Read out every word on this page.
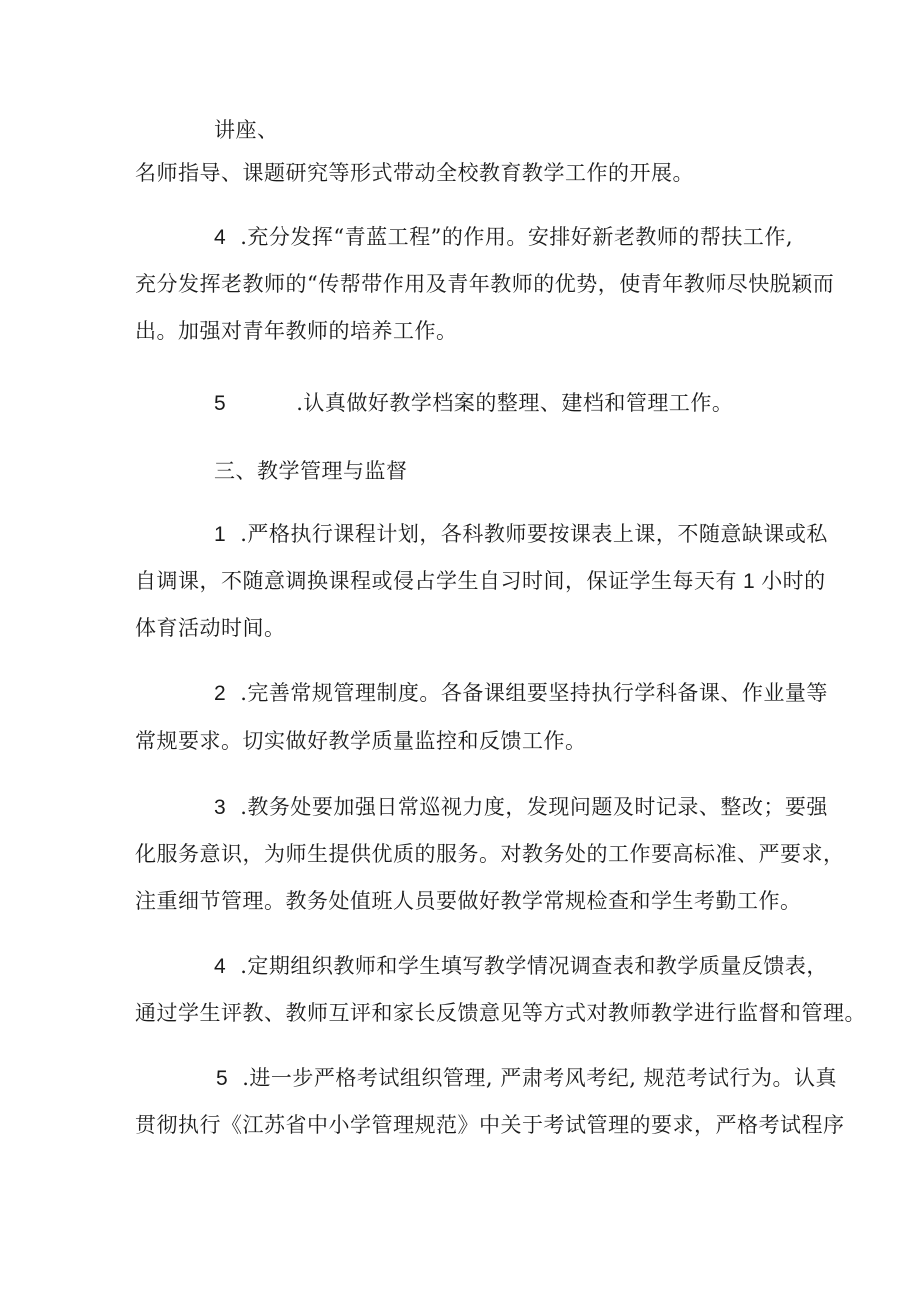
讲座、
名师指导、课题研究等形式带动全校教育教学工作的开展。
4 .充分发挥“青蓝工程”的作用。安排好新老教师的帮扶工作,
充分发挥老教师的“传帮带作用及青年教师的优势，使青年教师尽快脱颖而
出。加强对青年教师的培养工作。
5	.认真做好教学档案的整理、建档和管理工作。
三、教学管理与监督
1 .严格执行课程计划，各科教师要按课表上课，不随意缺课或私
自调课，不随意调换课程或侵占学生自习时间，保证学生每天有 1 小时的
体育活动时间。
2 .完善常规管理制度。各备课组要坚持执行学科备课、作业量等
常规要求。切实做好教学质量监控和反馈工作。
3 .教务处要加强日常巡视力度，发现问题及时记录、整改；要强
化服务意识，为师生提供优质的服务。对教务处的工作要高标准、严要求，
注重细节管理。教务处值班人员要做好教学常规检查和学生考勤工作。
4 .定期组织教师和学生填写教学情况调查表和教学质量反馈表，
通过学生评教、教师互评和家长反馈意见等方式对教师教学进行监督和管理。
5 .进一步严格考试组织管理, 严肃考风考纪, 规范考试行为。认真
贯彻执行《江苏省中小学管理规范》中关于考试管理的要求，严格考试程序
